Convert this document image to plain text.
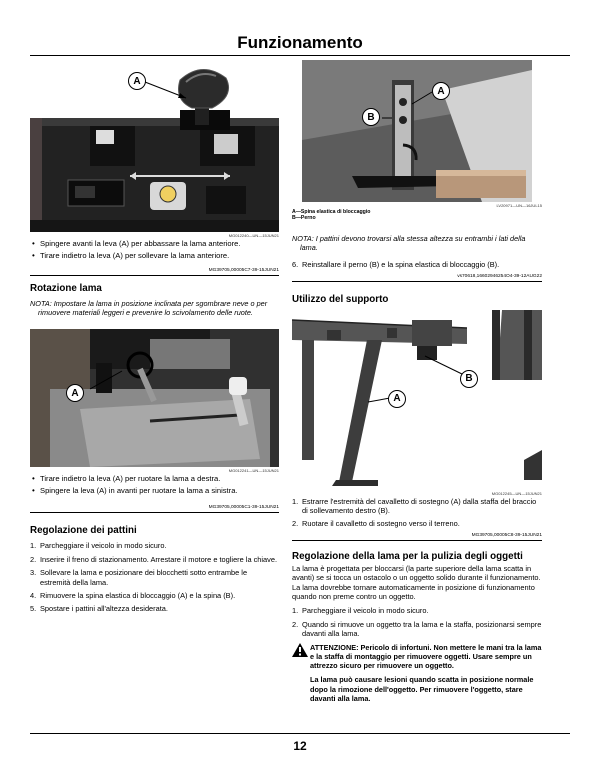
Funzionamento
A
MG012240—UN—15JUN21
• Spingere avanti la leva (A) per abbassare la lama anteriore.
• Tirare indietro la leva (A) per sollevare la lama anteriore.
MG39705,00005C7-39-15JUN21
Rotazione lama
NOTA: Impostare la lama in posizione inclinata per sgombrare neve o per rimuovere materiali leggeri e prevenire lo scivolamento delle ruote.
A
MG012241—UN—15JUN21
• Tirare indietro la leva (A) per ruotare la lama a destra.
• Spingere la leva (A) in avanti per ruotare la lama a sinistra.
MG39705,00005C1-39-15JUN21
Regolazione dei pattini
1. Parcheggiare il veicolo in modo sicuro.
2. Inserire il freno di stazionamento. Arrestare il motore e togliere la chiave.
3. Sollevare la lama e posizionare dei blocchetti sotto entrambe le estremità della lama.
4. Rimuovere la spina elastica di bloccaggio (A) e la spina (B).
5. Spostare i pattini all'altezza desiderata.
A
B
LV20971—UN—16JUL15
A—Spina elastica di bloccaggio
B—Perno
NOTA: I pattini devono trovarsi alla stessa altezza su entrambi i lati della lama.
6. Reinstallare il perno (B) e la spina elastica di bloccaggio (B).
vs70618,16602946254O4-39-12AUG22
Utilizzo del supporto
B
A
MG012245—UN—15JUN21
1. Estrarre l'estremità del cavalletto di sostegno (A) dalla staffa del braccio di sollevamento destro (B).
2. Ruotare il cavalletto di sostegno verso il terreno.
MG39705,00005C8-39-15JUN21
Regolazione della lama per la pulizia degli oggetti
La lama è progettata per bloccarsi (la parte superiore della lama scatta in avanti) se si tocca un ostacolo o un oggetto solido durante il funzionamento. La lama dovrebbe tornare automaticamente in posizione di funzionamento quando non preme contro un oggetto.
1. Parcheggiare il veicolo in modo sicuro.
2. Quando si rimuove un oggetto tra la lama e la staffa, posizionarsi sempre davanti alla lama.

ATTENZIONE: Pericolo di infortuni. Non mettere le mani tra la lama e la staffa di montaggio per rimuovere oggetti. Usare sempre un attrezzo sicuro per rimuovere un oggetto.

La lama può causare lesioni quando scatta in posizione normale dopo la rimozione dell'oggetto. Per rimuovere l'oggetto, stare davanti alla lama.

12
